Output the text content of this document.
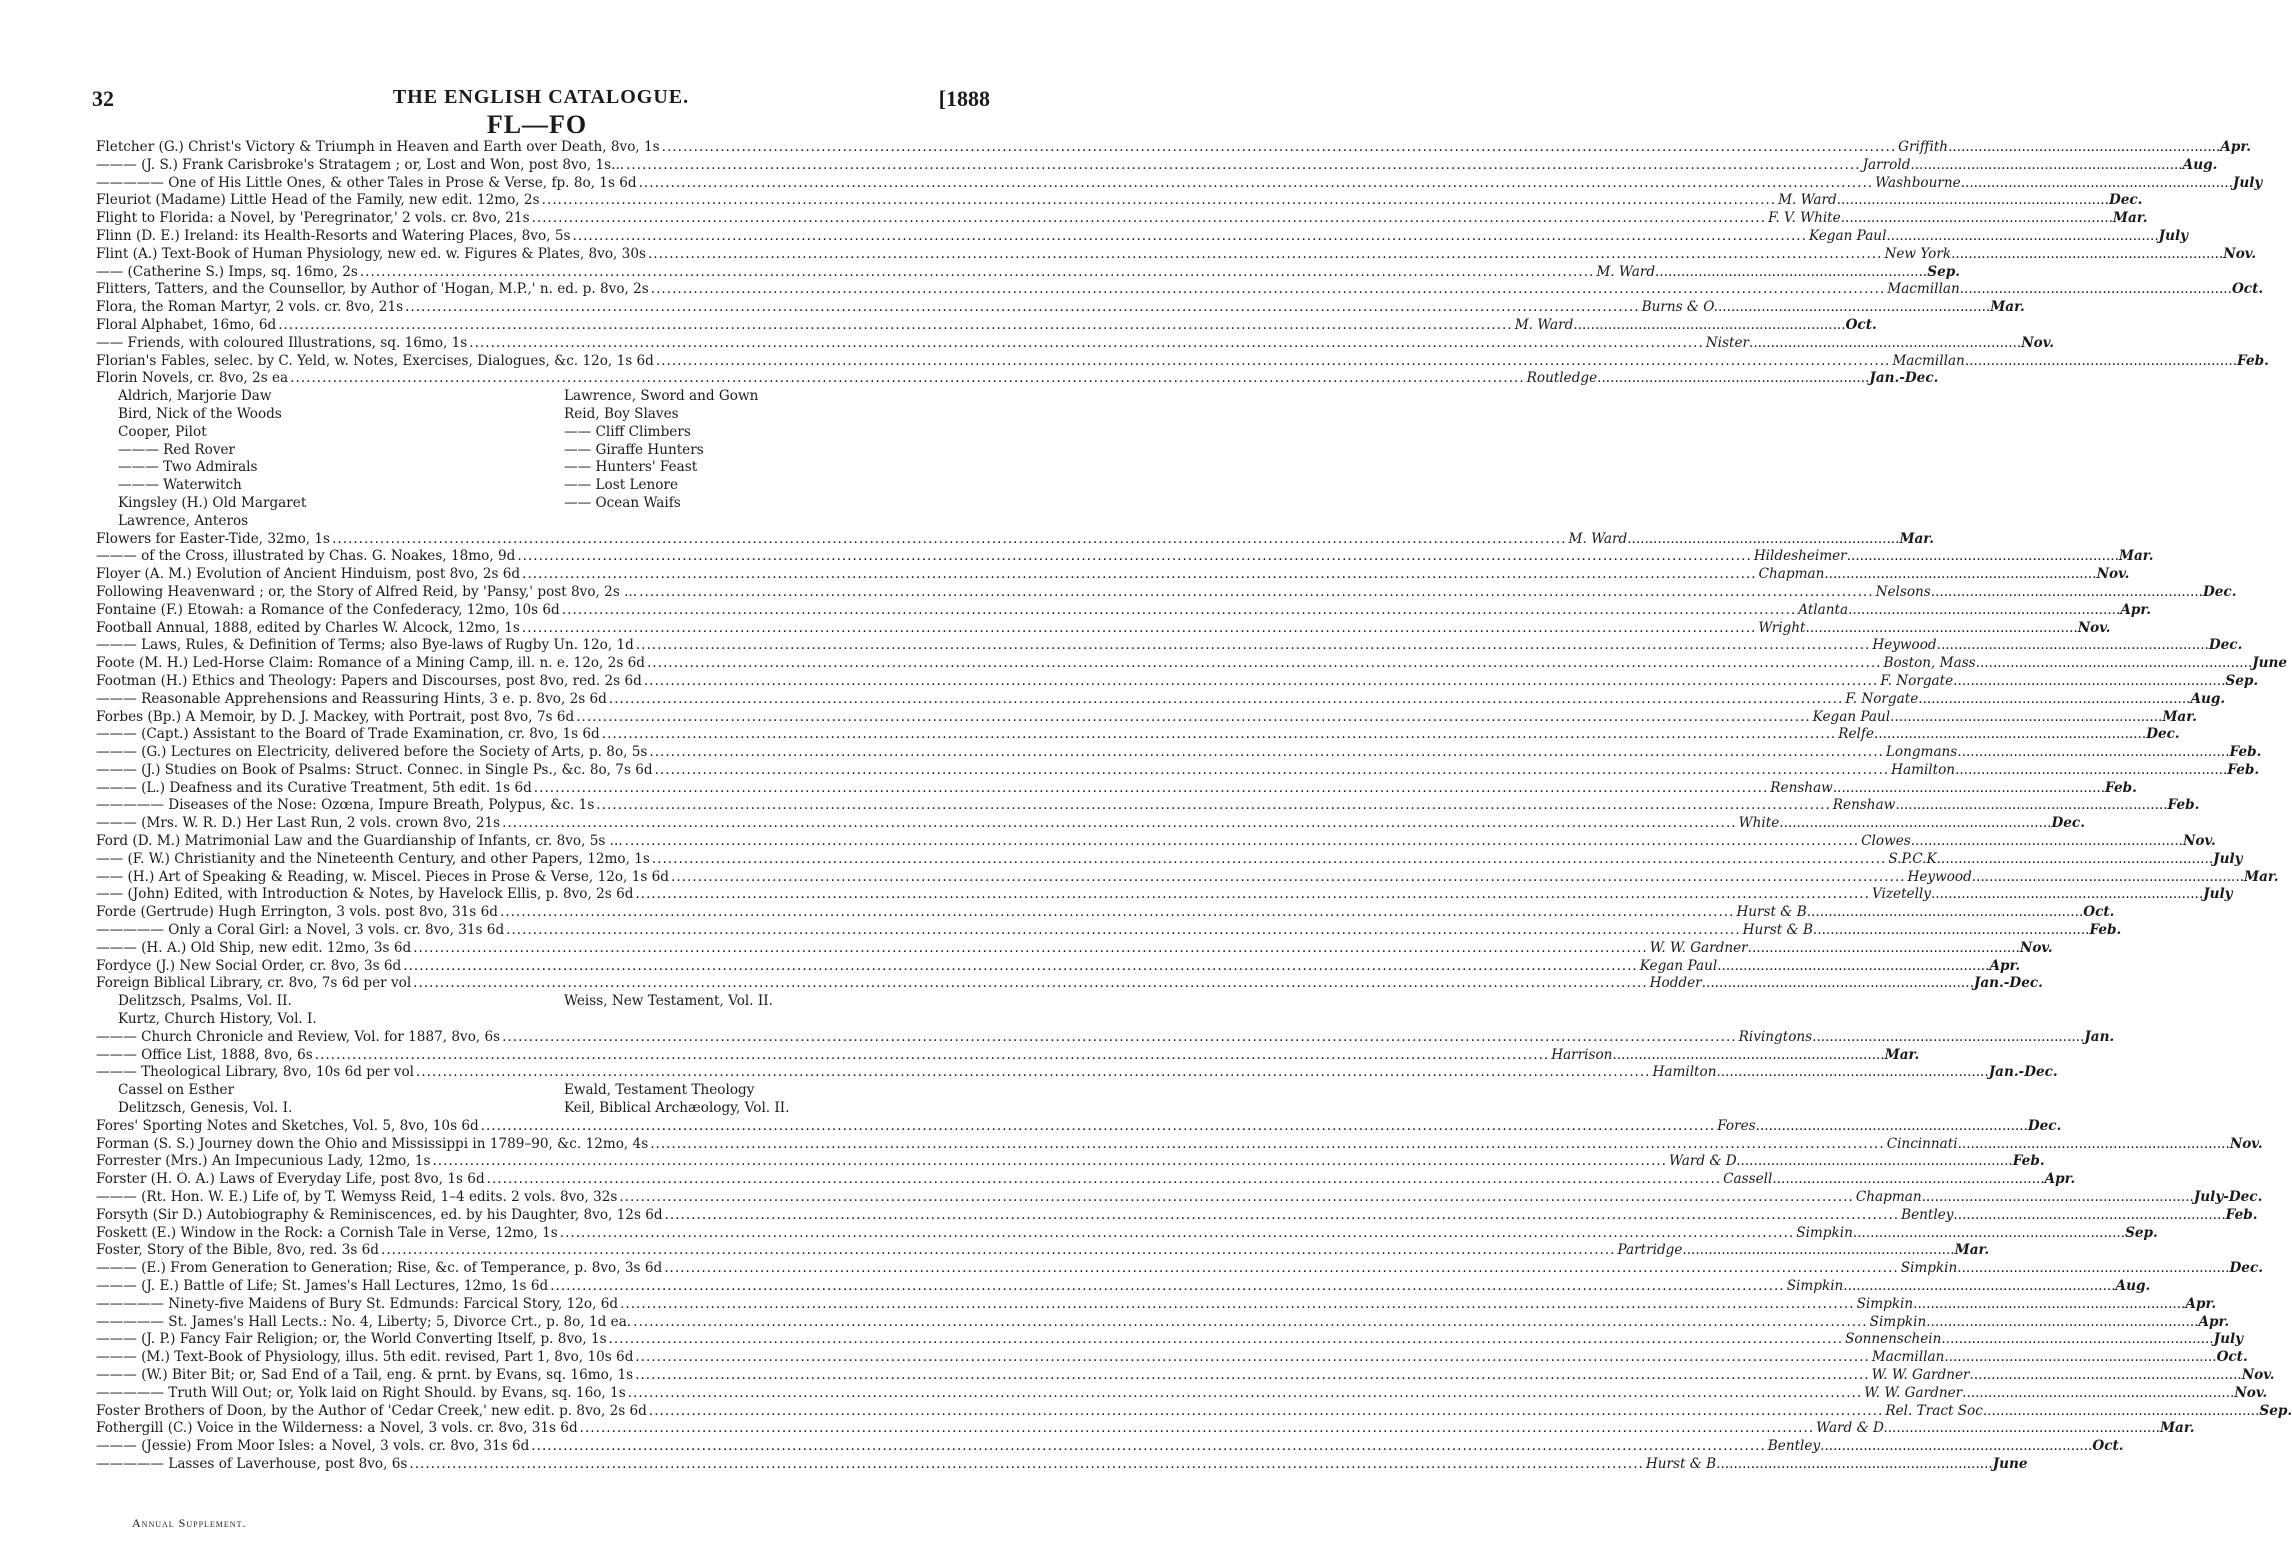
32	THE ENGLISH CATALOGUE.	[1888
FL—FO
Fletcher (G.) Christ's Victory & Triumph in Heaven and Earth over Death, 8vo, 1s .....	Griffith .....	Apr.
——— (J. S.) Frank Carisbroke's Stratagem ; or, Lost and Won, post 8vo, 1s... .....	Jarrold .....	Aug.
————— One of His Little Ones, & other Tales in Prose & Verse, fp. 8o, 1s 6d .....	Washbourne .....	July
Fleuriot (Madame) Little Head of the Family, new edit. 12mo, 2s .....	M. Ward .....	Dec.
Flight to Florida: a Novel, by 'Peregrinator,' 2 vols. cr. 8vo, 21s .....	F. V. White .....	Mar.
Flinn (D. E.) Ireland: its Health-Resorts and Watering Places, 8vo, 5s .....	Kegan Paul .....	July
Flint (A.) Text-Book of Human Physiology, new ed. w. Figures & Plates, 8vo, 30s .....	New York .....	Nov.
—— (Catherine S.) Imps, sq. 16mo, 2s .....	M. Ward .....	Sep.
Flitters, Tatters, and the Counsellor, by Author of 'Hogan, M.P.,' n. ed. p. 8vo, 2s .....	Macmillan .....	Oct.
Flora, the Roman Martyr, 2 vols. cr. 8vo, 21s .....	Burns & O. .....	Mar.
Floral Alphabet, 16mo, 6d .....	M. Ward .....	Oct.
—— Friends, with coloured Illustrations, sq. 16mo, 1s .....	Nister .....	Nov.
Florian's Fables, selec. by C. Yeld, w. Notes, Exercises, Dialogues, &c. 12o, 1s 6d .....	Macmillan .....	Feb.
Florin Novels, cr. 8vo, 2s ea .....	Routledge .....	Jan.-Dec.
Aldrich, Marjorie Daw	Lawrence, Sword and Gown
Bird, Nick of the Woods	Reid, Boy Slaves
Cooper, Pilot	—— Cliff Climbers
——— Red Rover	—— Giraffe Hunters
——— Two Admirals	—— Hunters' Feast
——— Waterwitch	—— Lost Lenore
Kingsley (H.) Old Margaret	—— Ocean Waifs
Lawrence, Anteros
Flowers for Easter-Tide, 32mo, 1s .....	M. Ward .....	Mar.
——— of the Cross, illustrated by Chas. G. Noakes, 18mo, 9d .....	Hildesheimer .....	Mar.
Floyer (A. M.) Evolution of Ancient Hinduism, post 8vo, 2s 6d .....	Chapman .....	Nov.
Following Heavenward ; or, the Story of Alfred Reid, by 'Pansy,' post 8vo, 2s ... .....	Nelsons .....	Dec.
Fontaine (F.) Etowah: a Romance of the Confederacy, 12mo, 10s 6d .....	Atlanta .....	Apr.
Football Annual, 1888, edited by Charles W. Alcock, 12mo, 1s .....	Wright .....	Nov.
——— Laws, Rules, & Definition of Terms; also Bye-laws of Rugby Un. 12o, 1d .....	Heywood .....	Dec.
Foote (M. H.) Led-Horse Claim: Romance of a Mining Camp, ill. n. e. 12o, 2s 6d .....	Boston, Mass. .....	June
Footman (H.) Ethics and Theology: Papers and Discourses, post 8vo, red. 2s 6d .....	F. Norgate .....	Sep.
——— Reasonable Apprehensions and Reassuring Hints, 3 e. p. 8vo, 2s 6d .....	F. Norgate .....	Aug.
Forbes (Bp.) A Memoir, by D. J. Mackey, with Portrait, post 8vo, 7s 6d .....	Kegan Paul .....	Mar.
——— (Capt.) Assistant to the Board of Trade Examination, cr. 8vo, 1s 6d .....	Relfe .....	Dec.
——— (G.) Lectures on Electricity, delivered before the Society of Arts, p. 8o, 5s .....	Longmans .....	Feb.
——— (J.) Studies on Book of Psalms: Struct. Connec. in Single Ps., &c. 8o, 7s 6d .....	Hamilton .....	Feb.
——— (L.) Deafness and its Curative Treatment, 5th edit. 1s 6d .....	Renshaw .....	Feb.
————— Diseases of the Nose: Ozœna, Impure Breath, Polypus, &c. 1s .....	Renshaw .....	Feb.
——— (Mrs. W. R. D.) Her Last Run, 2 vols. crown 8vo, 21s .....	White .....	Dec.
Ford (D. M.) Matrimonial Law and the Guardianship of Infants, cr. 8vo, 5s ... .....	Clowes .....	Nov.
—— (F. W.) Christianity and the Nineteenth Century, and other Papers, 12mo, 1s .....	S.P.C.K. .....	July
—— (H.) Art of Speaking & Reading, w. Miscel. Pieces in Prose & Verse, 12o, 1s 6d .....	Heywood .....	Mar.
—— (John) Edited, with Introduction & Notes, by Havelock Ellis, p. 8vo, 2s 6d .....	Vizetelly .....	July
Forde (Gertrude) Hugh Errington, 3 vols. post 8vo, 31s 6d .....	Hurst & B. .....	Oct.
————— Only a Coral Girl: a Novel, 3 vols. cr. 8vo, 31s 6d .....	Hurst & B. .....	Feb.
——— (H. A.) Old Ship, new edit. 12mo, 3s 6d .....	W. W. Gardner .....	Nov.
Fordyce (J.) New Social Order, cr. 8vo, 3s 6d .....	Kegan Paul .....	Apr.
Foreign Biblical Library, cr. 8vo, 7s 6d per vol .....	Hodder .....	Jan.-Dec.
Delitzsch, Psalms, Vol. II.	Weiss, New Testament, Vol. II.
Kurtz, Church History, Vol. I.
——— Church Chronicle and Review, Vol. for 1887, 8vo, 6s .....	Rivingtons .....	Jan.
——— Office List, 1888, 8vo, 6s .....	Harrison .....	Mar.
——— Theological Library, 8vo, 10s 6d per vol .....	Hamilton .....	Jan.-Dec.
Cassel on Esther	Ewald, Testament Theology
Delitzsch, Genesis, Vol. I.	Keil, Biblical Archæology, Vol. II.
Fores' Sporting Notes and Sketches, Vol. 5, 8vo, 10s 6d .....	Fores .....	Dec.
Forman (S. S.) Journey down the Ohio and Mississippi in 1789–90, &c. 12mo, 4s .....	Cincinnati .....	Nov.
Forrester (Mrs.) An Impecunious Lady, 12mo, 1s .....	Ward & D. .....	Feb.
Forster (H. O. A.) Laws of Everyday Life, post 8vo, 1s 6d .....	Cassell .....	Apr.
——— (Rt. Hon. W. E.) Life of, by T. Wemyss Reid, 1–4 edits. 2 vols. 8vo, 32s .....	Chapman .....	July-Dec.
Forsyth (Sir D.) Autobiography & Reminiscences, ed. by his Daughter, 8vo, 12s 6d .....	Bentley .....	Feb.
Foskett (E.) Window in the Rock: a Cornish Tale in Verse, 12mo, 1s .....	Simpkin .....	Sep.
Foster, Story of the Bible, 8vo, red. 3s 6d .....	Partridge .....	Mar.
——— (E.) From Generation to Generation; Rise, &c. of Temperance, p. 8vo, 3s 6d .....	Simpkin .....	Dec.
——— (J. E.) Battle of Life; St. James's Hall Lectures, 12mo, 1s 6d .....	Simpkin .....	Aug.
————— Ninety-five Maidens of Bury St. Edmunds: Farcical Story, 12o, 6d .....	Simpkin .....	Apr.
————— St. James's Hall Lects.: No. 4, Liberty; 5, Divorce Crt., p. 8o, 1d ea. .....	Simpkin .....	Apr.
——— (J. P.) Fancy Fair Religion; or, the World Converting Itself, p. 8vo, 1s .....	Sonnenschein .....	July
——— (M.) Text-Book of Physiology, illus. 5th edit. revised, Part 1, 8vo, 10s 6d .....	Macmillan .....	Oct.
——— (W.) Biter Bit; or, Sad End of a Tail, eng. & prnt. by Evans, sq. 16mo, 1s .....	W. W. Gardner .....	Nov.
————— Truth Will Out; or, Yolk laid on Right Should. by Evans, sq. 16o, 1s .....	W. W. Gardner .....	Nov.
Foster Brothers of Doon, by the Author of 'Cedar Creek,' new edit. p. 8vo, 2s 6d .....	Rel. Tract Soc. .....	Sep.
Fothergill (C.) Voice in the Wilderness: a Novel, 3 vols. cr. 8vo, 31s 6d .....	Ward & D. .....	Mar.
——— (Jessie) From Moor Isles: a Novel, 3 vols. cr. 8vo, 31s 6d .....	Bentley .....	Oct.
————— Lasses of Laverhouse, post 8vo, 6s .....	Hurst & B. .....	June
Annual Supplement.
